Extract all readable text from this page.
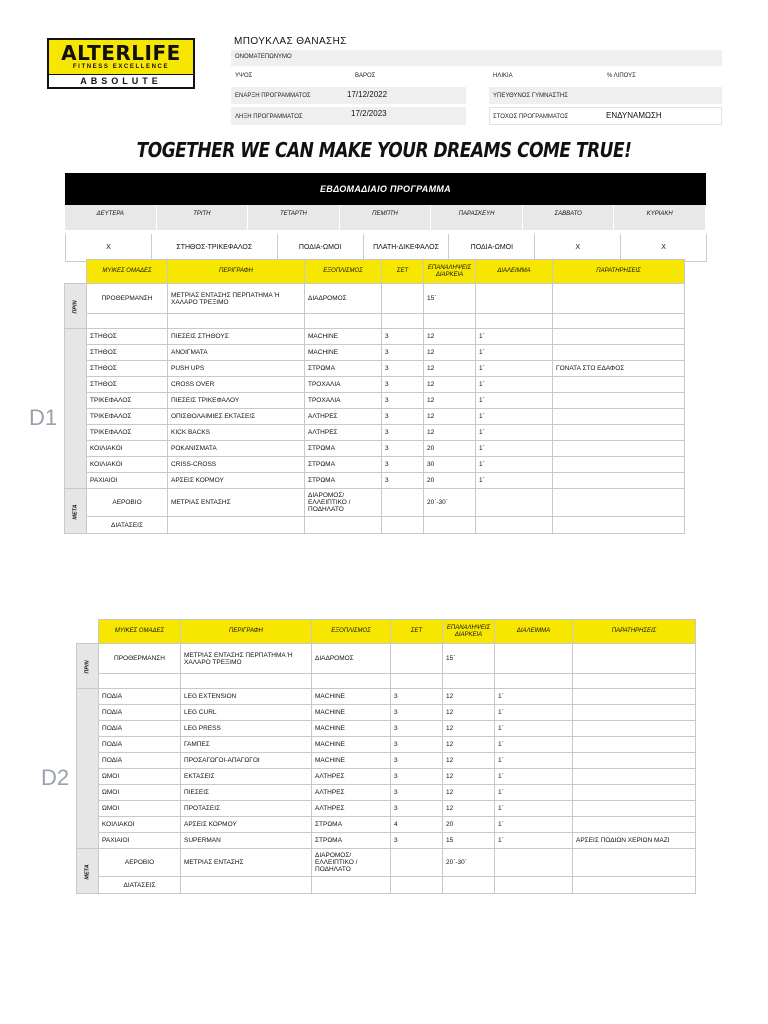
ALTERLIFE
FITNESS EXCELLENCE
ABSOLUTE
ΜΠΟΥΚΛΑΣ ΘΑΝΑΣΗΣ
ΟΝΟΜΑΤΕΠΩΝΥΜΟ
ΥΨΟΣ	ΒΑΡΟΣ	ΗΛΙΚΙΑ	% ΛΙΠΟΥΣ
ΕΝΑΡΞΗ ΠΡΟΓΡΑΜΜΑΤΟΣ	17/12/2022	ΥΠΕΥΘΥΝΟΣ ΓΥΜΝΑΣΤΗΣ
ΛΗΞΗ ΠΡΟΓΡΑΜΜΑΤΟΣ	17/2/2023	ΣΤΟΧΟΣ ΠΡΟΓΡΑΜΜΑΤΟΣ	ΕΝΔΥΝΑΜΩΣΗ
TOGETHER WE CAN MAKE YOUR DREAMS COME TRUE!
ΕΒΔΟΜΑΔΙΑΙΟ ΠΡΟΓΡΑΜΜΑ
ΔΕΥΤΕΡΑ	ΤΡΙΤΗ	ΤΕΤΑΡΤΗ	ΠΕΜΠΤΗ	ΠΑΡΑΣΚΕΥΗ	ΣΑΒΒΑΤΟ	ΚΥΡΙΑΚΗ
Χ	ΣΤΗΘΟΣ-ΤΡΙΚΕΦΑΛΟΣ	ΠΟΔΙΑ-ΩΜΟΙ	ΠΛΑΤΗ-ΔΙΚΕΦΑΛΟΣ	ΠΟΔΙΑ-ΩΜΟΙ	Χ	Χ
D1
D2
	ΜΥΙΚΕΣ ΟΜΑΔΕΣ	ΠΕΡΙΓΡΑΦΗ	ΕΞΟΠΛΙΣΜΟΣ	ΣΕΤ	ΕΠΑΝΑΛΗΨΕΙΣ ΔΙΑΡΚΕΙΑ	ΔΙΑΛΕΙΜΜΑ	ΠΑΡΑΤΗΡΗΣΕΙΣ
ΠΡΙΝ	ΠΡΟΘΕΡΜΑΝΣΗ	ΜΕΤΡΙΑΣ ΕΝΤΑΣΗΣ ΠΕΡΠΑΤΗΜΑ Ή ΧΑΛΑΡΟ ΤΡΕΞΙΜΟ	ΔΙΑΔΡΟΜΟΣ		15΄		

	ΣΤΗΘΟΣ	ΠΙΕΣΕΙΣ ΣΤΗΘΟΥΣ	MACHINE	3	12	1΄	
	ΣΤΗΘΟΣ	ΑΝΟΙΓΜΑΤΑ	MACHINE	3	12	1΄	
	ΣΤΗΘΟΣ	PUSH UPS	ΣΤΡΩΜΑ	3	12	1΄	ΓΟΝΑΤΑ ΣΤΟ ΕΔΑΦΟΣ
	ΣΤΗΘΟΣ	CROSS OVER	ΤΡΟΧΑΛΙΑ	3	12	1΄	
	ΤΡΙΚΕΦΑΛΟΣ	ΠΙΕΣΕΙΣ ΤΡΙΚΕΦΑΛΟΥ	ΤΡΟΧΑΛΙΑ	3	12	1΄	
	ΤΡΙΚΕΦΑΛΟΣ	ΟΠΙΣΘΟΛΑΙΜΙΕΣ ΕΚΤΑΣΕΙΣ	ΑΛΤΗΡΕΣ	3	12	1΄	
	ΤΡΙΚΕΦΑΛΟΣ	KICK BACKS	ΑΛΤΗΡΕΣ	3	12	1΄	
	ΚΟΙΛΙΑΚΟΙ	ΡΟΚΑΝΙΣΜΑΤΑ	ΣΤΡΩΜΑ	3	20	1΄	
	ΚΟΙΛΙΑΚΟΙ	CRISS-CROSS	ΣΤΡΩΜΑ	3	30	1΄	
	ΡΑΧΙΑΙΟΙ	ΑΡΣΕΙΣ ΚΟΡΜΟΥ	ΣΤΡΩΜΑ	3	20	1΄	
ΜΕΤΑ	ΑΕΡΟΒΙΟ	ΜΕΤΡΙΑΣ ΕΝΤΑΣΗΣ	ΔΙΑΡΟΜΟΣ/ ΕΛΛΕΙΠΤΙΚΟ /ΠΟΔΗΛΑΤΟ		20΄-30΄		
	ΔΙΑΤΑΣΕΙΣ						
	ΜΥΙΚΕΣ ΟΜΑΔΕΣ	ΠΕΡΙΓΡΑΦΗ	ΕΞΟΠΛΙΣΜΟΣ	ΣΕΤ	ΕΠΑΝΑΛΗΨΕΙΣ ΔΙΑΡΚΕΙΑ	ΔΙΑΛΕΙΜΜΑ	ΠΑΡΑΤΗΡΗΣΕΙΣ
ΠΡΙΝ	ΠΡΟΘΕΡΜΑΝΣΗ	ΜΕΤΡΙΑΣ ΕΝΤΑΣΗΣ ΠΕΡΠΑΤΗΜΑ Ή ΧΑΛΑΡΟ ΤΡΕΞΙΜΟ	ΔΙΑΔΡΟΜΟΣ		15΄		

	ΠΟΔΙΑ	LEG EXTENSION	MACHINE	3	12	1΄	
	ΠΟΔΙΑ	LEG CURL	MACHINE	3	12	1΄	
	ΠΟΔΙΑ	LEG PRESS	MACHINE	3	12	1΄	
	ΠΟΔΙΑ	ΓΑΜΠΕΣ	MACHINE	3	12	1΄	
	ΠΟΔΙΑ	ΠΡΟΣΑΓΩΓΟΙ-ΑΠΑΓΩΓΟΙ	MACHINE	3	12	1΄	
	ΩΜΟΙ	ΕΚΤΑΣΕΙΣ	ΑΛΤΗΡΕΣ	3	12	1΄	
	ΩΜΟΙ	ΠΙΕΣΕΙΣ	ΑΛΤΗΡΕΣ	3	12	1΄	
	ΩΜΟΙ	ΠΡΟΤΑΣΕΙΣ	ΑΛΤΗΡΕΣ	3	12	1΄	
	ΚΟΙΛΙΑΚΟΙ	ΑΡΣΕΙΣ ΚΟΡΜΟΥ	ΣΤΡΩΜΑ	4	20	1΄	
	ΡΑΧΙΑΙΟΙ	SUPERMAN	ΣΤΡΩΜΑ	3	15	1΄	ΑΡΣΕΙΣ ΠΟΔΙΩΝ ΧΕΡΙΩΝ ΜΑΖΙ
ΜΕΤΑ	ΑΕΡΟΒΙΟ	ΜΕΤΡΙΑΣ ΕΝΤΑΣΗΣ	ΔΙΑΡΟΜΟΣ/ ΕΛΛΕΙΠΤΙΚΟ / ΠΟΔΗΛΑΤΟ		20΄-30΄		
	ΔΙΑΤΑΣΕΙΣ						
